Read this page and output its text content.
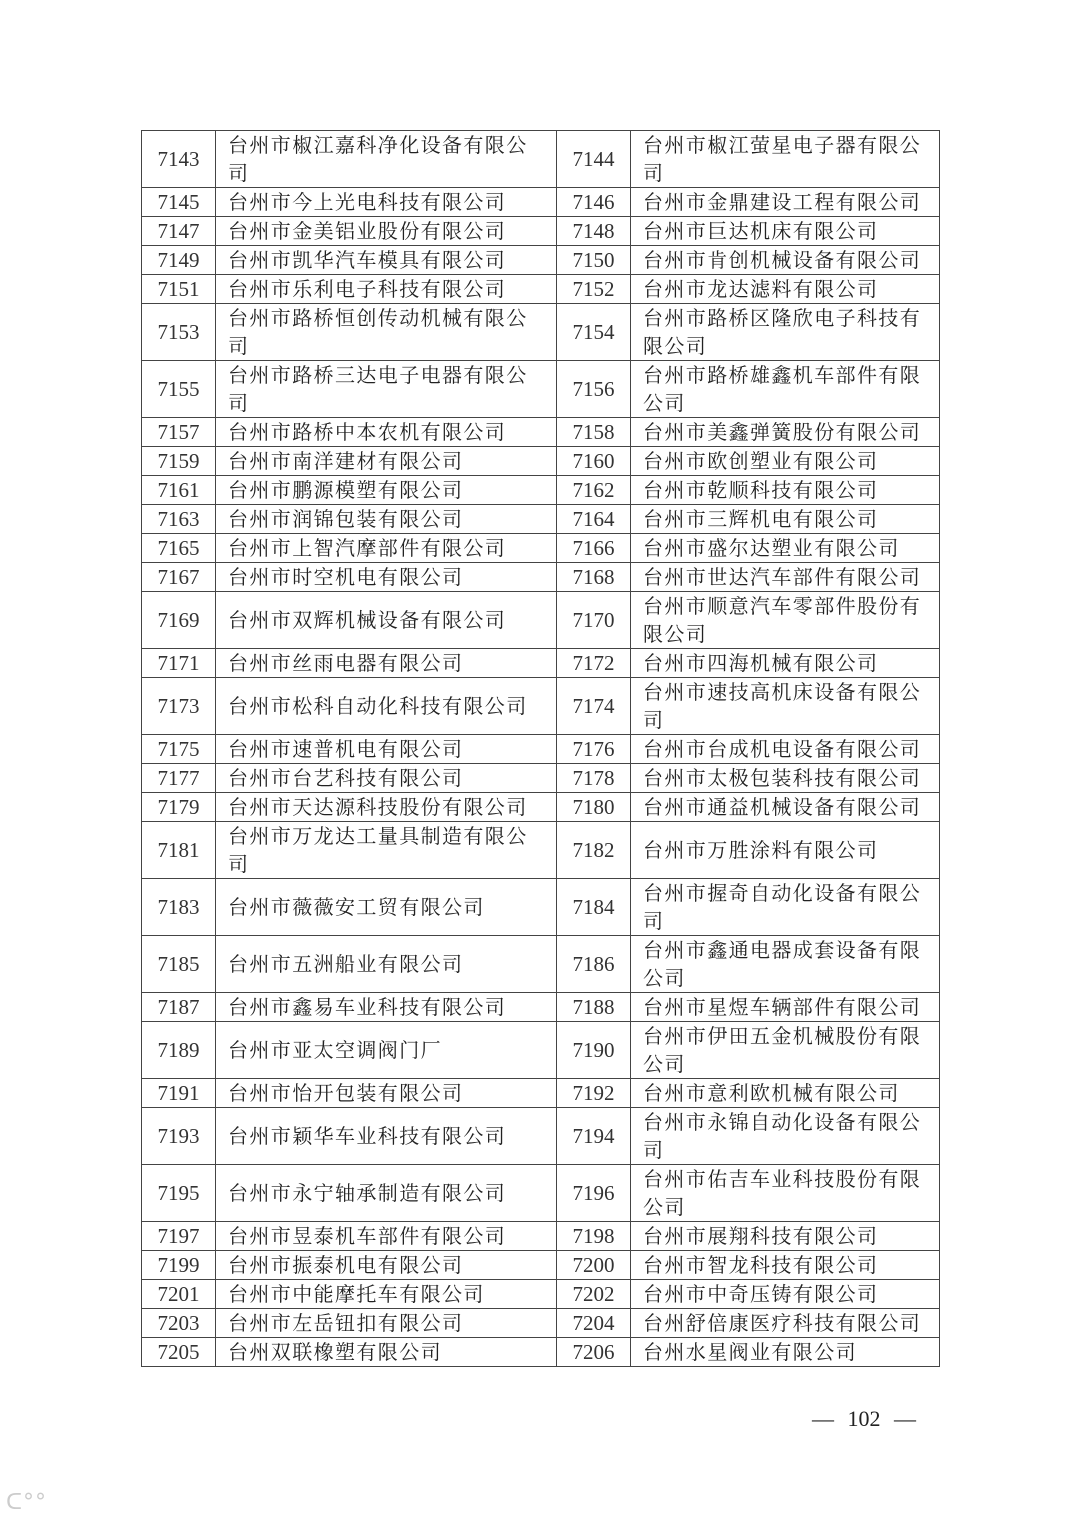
7143	台州市椒江嘉科净化设备有限公司	7144	台州市椒江萤星电子器有限公司

7145	台州市今上光电科技有限公司	7146	台州市金鼎建设工程有限公司

7147	台州市金美铝业股份有限公司	7148	台州市巨达机床有限公司

7149	台州市凯华汽车模具有限公司	7150	台州市肯创机械设备有限公司

7151	台州市乐利电子科技有限公司	7152	台州市龙达滤料有限公司

7153	台州市路桥恒创传动机械有限公司	7154	台州市路桥区隆欣电子科技有限公司

7155	台州市路桥三达电子电器有限公司	7156	台州市路桥雄鑫机车部件有限公司

7157	台州市路桥中本农机有限公司	7158	台州市美鑫弹簧股份有限公司

7159	台州市南洋建材有限公司	7160	台州市欧创塑业有限公司

7161	台州市鹏源模塑有限公司	7162	台州市乾顺科技有限公司

7163	台州市润锦包装有限公司	7164	台州市三辉机电有限公司

7165	台州市上智汽摩部件有限公司	7166	台州市盛尔达塑业有限公司

7167	台州市时空机电有限公司	7168	台州市世达汽车部件有限公司

7169	台州市双辉机械设备有限公司	7170	台州市顺意汽车零部件股份有限公司

7171	台州市丝雨电器有限公司	7172	台州市四海机械有限公司

7173	台州市松科自动化科技有限公司	7174	台州市速技高机床设备有限公司

7175	台州市速普机电有限公司	7176	台州市台成机电设备有限公司

7177	台州市台艺科技有限公司	7178	台州市太极包装科技有限公司

7179	台州市天达源科技股份有限公司	7180	台州市通益机械设备有限公司

7181	台州市万龙达工量具制造有限公司	7182	台州市万胜涂料有限公司

7183	台州市薇薇安工贸有限公司	7184	台州市握奇自动化设备有限公司

7185	台州市五洲船业有限公司	7186	台州市鑫通电器成套设备有限公司

7187	台州市鑫易车业科技有限公司	7188	台州市星煜车辆部件有限公司

7189	台州市亚太空调阀门厂	7190	台州市伊田五金机械股份有限公司

7191	台州市怡开包装有限公司	7192	台州市意利欧机械有限公司

7193	台州市颖华车业科技有限公司	7194	台州市永锦自动化设备有限公司

7195	台州市永宁轴承制造有限公司	7196	台州市佑吉车业科技股份有限公司

7197	台州市昱泰机车部件有限公司	7198	台州市展翔科技有限公司

7199	台州市振泰机电有限公司	7200	台州市智龙科技有限公司

7201	台州市中能摩托车有限公司	7202	台州市中奇压铸有限公司

7203	台州市左岳钮扣有限公司	7204	台州舒倍康医疗科技有限公司

7205	台州双联橡塑有限公司	7206	台州水星阀业有限公司
— 102 —
ᑕ°°
